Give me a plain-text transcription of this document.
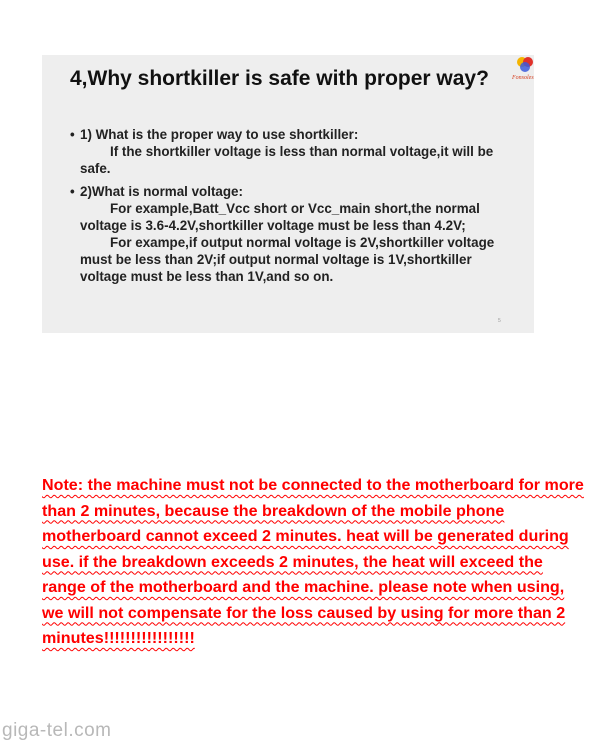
Fonsoles
4,Why shortkiller is safe with proper way?
• 1) What is the proper way to use shortkiller:

If the shortkiller voltage is less than normal voltage,it will be safe.

• 2)What is normal voltage:

For example,Batt_Vcc short or Vcc_main short,the normal voltage is 3.6-4.2V,shortkiller voltage must be less than 4.2V;

For exampe,if output normal voltage is 2V,shortkiller voltage must be less than 2V;if output normal voltage is 1V,shortkiller voltage must be less than 1V,and so on.

5
Note: the machine must not be connected to the motherboard for more than 2 minutes, because the breakdown of the mobile phone motherboard cannot exceed 2 minutes. heat will be generated during use. if the breakdown exceeds 2 minutes, the heat will exceed the range of the motherboard and the machine. please note when using, we will not compensate for the loss caused by using for more than 2 minutes!!!!!!!!!!!!!!!!!
giga-tel.com
